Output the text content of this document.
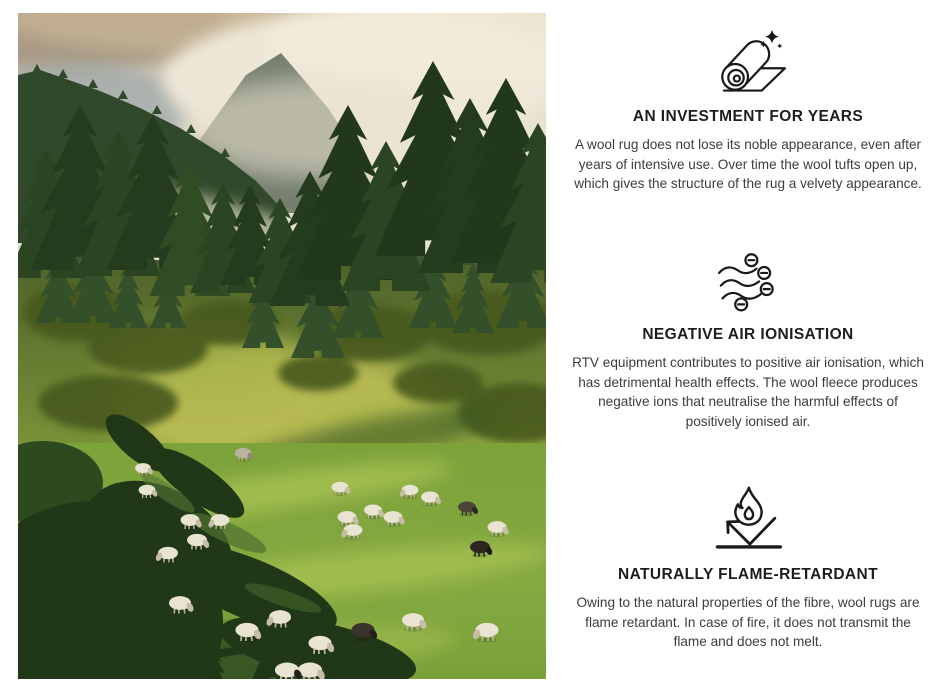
AN INVESTMENT FOR YEARS

A wool rug does not lose its noble appearance, even after years of intensive use. Over time the wool tufts open up, which gives the structure of the rug a velvety appearance.

NEGATIVE AIR IONISATION

RTV equipment contributes to positive air ionisation, which has detrimental health effects. The wool fleece produces negative ions that neutralise the harmful effects of positively ionised air.

NATURALLY FLAME-RETARDANT

Owing to the natural properties of the fibre, wool rugs are flame retardant. In case of fire, it does not transmit the flame and does not melt.
